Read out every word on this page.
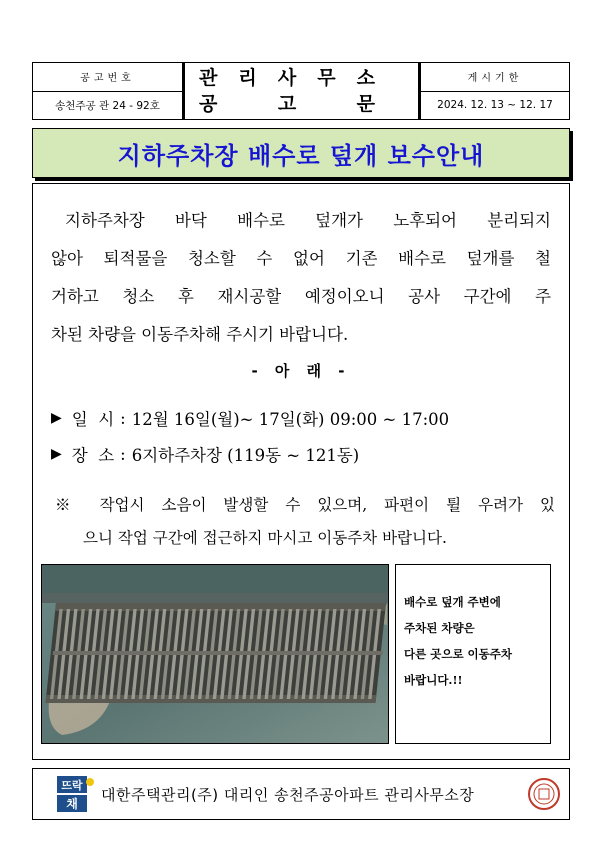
공고번호
송천주공 관 24 - 92호
관 리 사 무 소
공	고	문
게시기한
2024. 12. 13 ~ 12. 17
지하주차장 배수로 덮개 보수안내
지하주차장 바닥 배수로 덮개가 노후되어 분리되지
않아 퇴적물을 청소할 수 없어 기존 배수로 덮개를 철
거하고 청소 후 재시공할 예정이오니 공사 구간에 주
차된 차량을 이동주차해 주시기 바랍니다.
- 아 래 -
▶ 일  시 : 12월 16일(월)~ 17일(화) 09:00 ~ 17:00
▶ 장  소 : 6지하주차장 (119동 ~ 121동)
※ 작업시 소음이 발생할 수 있으며, 파편이 튈 우려가 있
으니 작업 구간에 접근하지 마시고 이동주차 바랍니다.
배수로 덮개 주변에
주차된 차량은
다른 곳으로 이동주차
바랍니다.!!
뜨락
채
대한주택관리(주) 대리인 송천주공아파트 관리사무소장
